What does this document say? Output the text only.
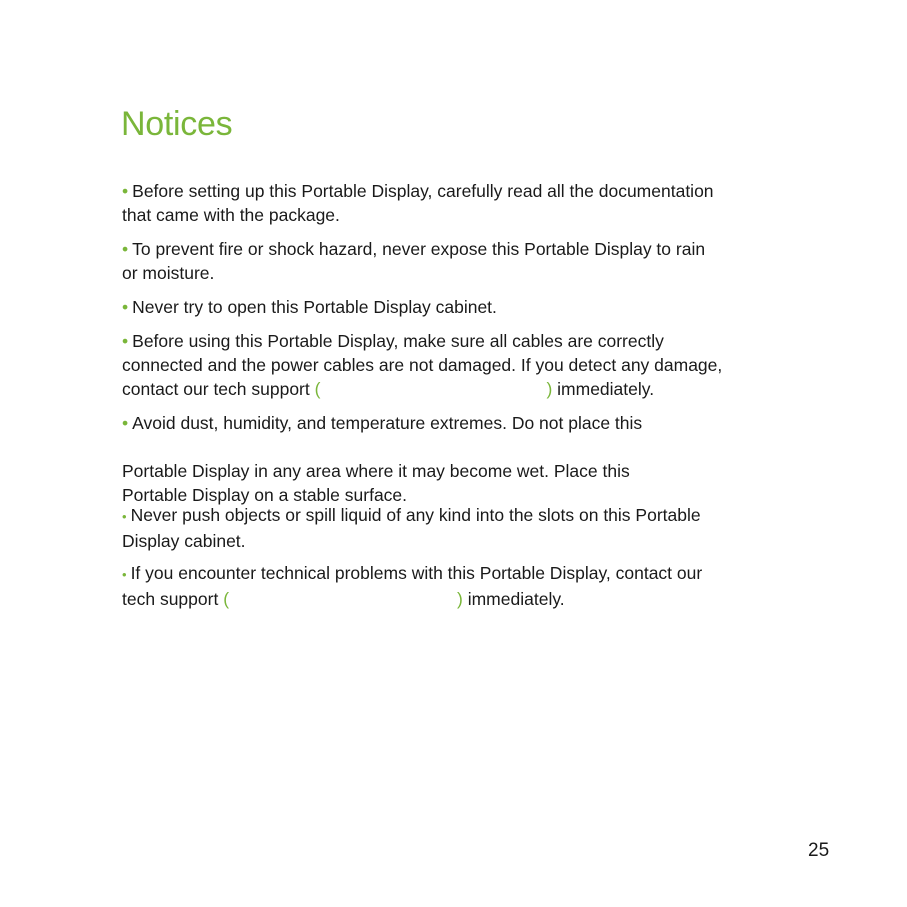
Notices

• Before setting up this Portable Display, carefully read all the documentation
that came with the package.

• To prevent fire or shock hazard, never expose this Portable Display to rain
or moisture.

• Never try to open this Portable Display cabinet.

• Before using this Portable Display, make sure all cables are correctly
connected and the power cables are not damaged. If you detect any damage,
contact our tech support (	) immediately.

• Avoid dust, humidity, and temperature extremes. Do not place this

Portable Display in any area where it may become wet. Place this
Portable Display on a stable surface.

• Never push objects or spill liquid of any kind into the slots on this Portable
Display cabinet.

• If you encounter technical problems with this Portable Display, contact our
tech support (	) immediately.

25
